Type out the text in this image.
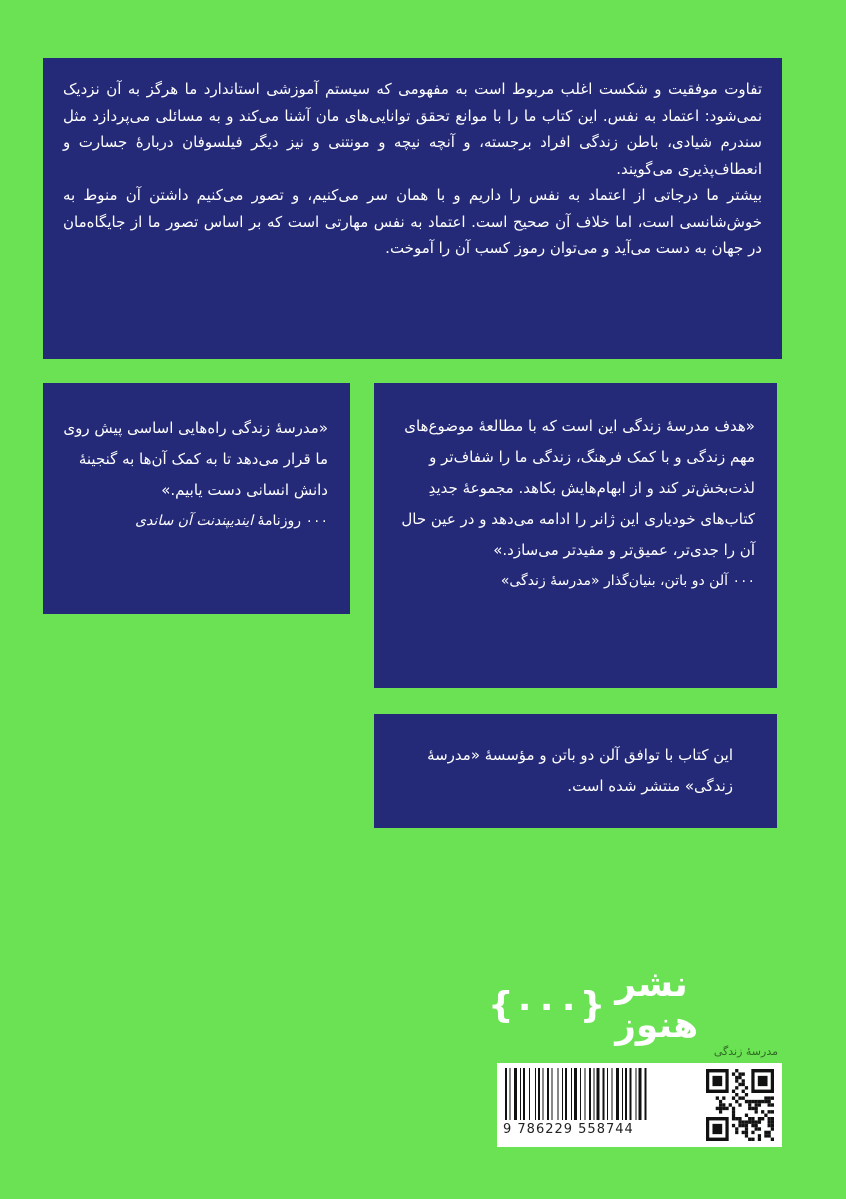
تفاوت موفقیت و شکست اغلب مربوط است به مفهومی که سیستم آموزشی استاندارد ما هرگز به آن نزدیک نمی‌شود: اعتماد به نفس. این کتاب ما را با موانع تحقق توانایی‌های مان آشنا می‌کند و به مسائلی می‌پردازد مثل سندرم شیادی، باطن زندگی افراد برجسته، و آنچه نیچه و مونتنی و نیز دیگر فیلسوفان دربارهٔ جسارت و انعطاف‌پذیری می‌گویند.

بیشتر ما درجاتی از اعتماد به نفس را داریم و با همان سر می‌کنیم، و تصور می‌کنیم داشتن آن منوط به خوش‌شانسی است، اما خلاف آن صحیح است. اعتماد به نفس مهارتی است که بر اساس تصور ما از جایگاه‌مان در جهان به دست می‌آید و می‌توان رموز کسب آن را آموخت.

«مدرسهٔ زندگی راه‌هایی اساسی پیش روی ما قرار می‌دهد تا به کمک آن‌ها به گنجینهٔ دانش انسانی دست یابیم.»

٠٠٠ روزنامهٔ ایندیپندنت آن ساندی

«هدف مدرسهٔ زندگی این است که با مطالعهٔ موضوع‌های مهم زندگی و با کمک فرهنگ، زندگی ما را شفاف‌تر و لذت‌بخش‌تر کند و از ابهام‌هایش بکاهد. مجموعهٔ جدیدِ کتاب‌های خودیاری این ژانر را ادامه می‌دهد و در عین حال آن را جدی‌تر، عمیق‌تر و مفیدتر می‌سازد.»

٠٠٠ آلن دو باتن، بنیان‌گذار «مدرسهٔ زندگی»

این کتاب با توافق آلن دو باتن و مؤسسهٔ «مدرسهٔ زندگی» منتشر شده است.

{٠٠٠} نشر هنوز
مدرسهٔ زندگی
9 786229 558744
